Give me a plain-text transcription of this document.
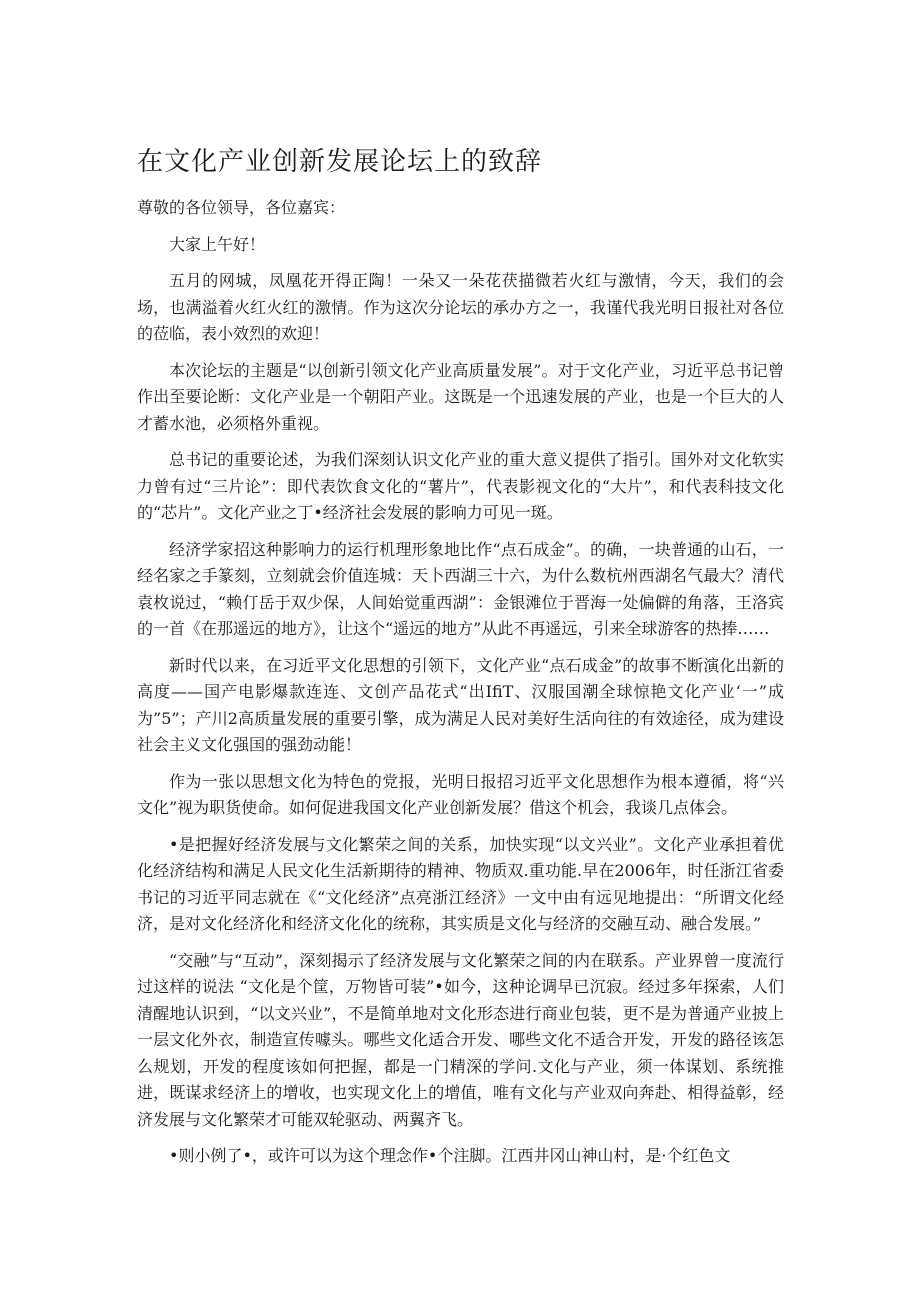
在文化产业创新发展论坛上的致辞

尊敬的各位领导，各位嘉宾：

大家上午好！

五月的网城，凤凰花开得正陶！一朵又一朵花茯描微若火红与激情，今天，我们的会场，也满溢着火红火红的激情。作为这次分论坛的承办方之一，我谨代我光明日报社对各位的莅临，表小效烈的欢迎！

本次论坛的主题是“以创新引领文化产业高质量发展”。对于文化产业，习近平总书记曾作出至要论断：文化产业是一个朝阳产业。这既是一个迅速发展的产业，也是一个巨大的人才蓄水池，必须格外重视。

总书记的重要论述，为我们深刻认识文化产业的重大意义提供了指引。国外对文化软实力曾有过“三片论”：即代表饮食文化的“薯片”，代表影视文化的“大片”，和代表科技文化的“芯片”。文化产业之丁•经济社会发展的影响力可见一斑。

经济学家招这种影响力的运行机理形象地比作“点石成金”。的确，一块普通的山石，一经名家之手篆刻，立刻就会价值连城：天卜西湖三十六，为什么数杭州西湖名气最大？清代袁枚说过，“赖仃岳于双少保，人间始觉重西湖”：金银滩位于晋海一处偏僻的角落，王洛宾的一首《在那遥远的地方》，让这个“遥远的地方”从此不再遥远，引来全球游客的热捧……

新时代以来，在习近平文化思想的引领下，文化产业“点石成金”的故事不断演化出新的高度——国产电影爆款连连、文创产品花式“出IfiT、汉服国潮全球惊艳文化产业‘一”成为”5”；产川2高质量发展的重要引擎，成为满足人民对美好生活向往的有效途径，成为建设社会主义文化强国的强劲动能！

作为一张以思想文化为特色的党报，光明日报招习近平文化思想作为根本遵循，将“兴文化”视为职货使命。如何促进我国文化产业创新发展？借这个机会，我谈几点体会。

•是把握好经济发展与文化繁荣之间的关系，加快实现“以文兴业”。文化产业承担着优化经济结构和满足人民文化生活新期待的精神、物质双.重功能.早在2006年，时任浙江省委书记的习近平同志就在《“文化经济”点亮浙江经济》一文中由有远见地提出：“所谓文化经济，是对文化经济化和经济文化化的统称，其实质是文化与经济的交融互动、融合发展。”

“交融”与“互动”，深刻揭示了经济发展与文化繁荣之间的内在联系。产业界曾一度流行过这样的说法 “文化是个筐，万物皆可装”•如今，这种论调早已沉寂。经过多年探索，人们清醒地认识到，“以文兴业”，不是简单地对文化形态进行商业包装，更不是为普通产业披上一层文化外衣，制造宣传噱头。哪些文化适合开发、哪些文化不适合开发，开发的路径该怎么规划，开发的程度该如何把握，都是一门精深的学问.文化与产业，须一体谋划、系统推进，既谋求经济上的增收，也实现文化上的增值，唯有文化与产业双向奔赴、相得益彰，经济发展与文化繁荣才可能双轮驱动、两翼齐飞。

•则小例了•，或许可以为这个理念作•个注脚。江西井冈山神山村，是·个红色文
